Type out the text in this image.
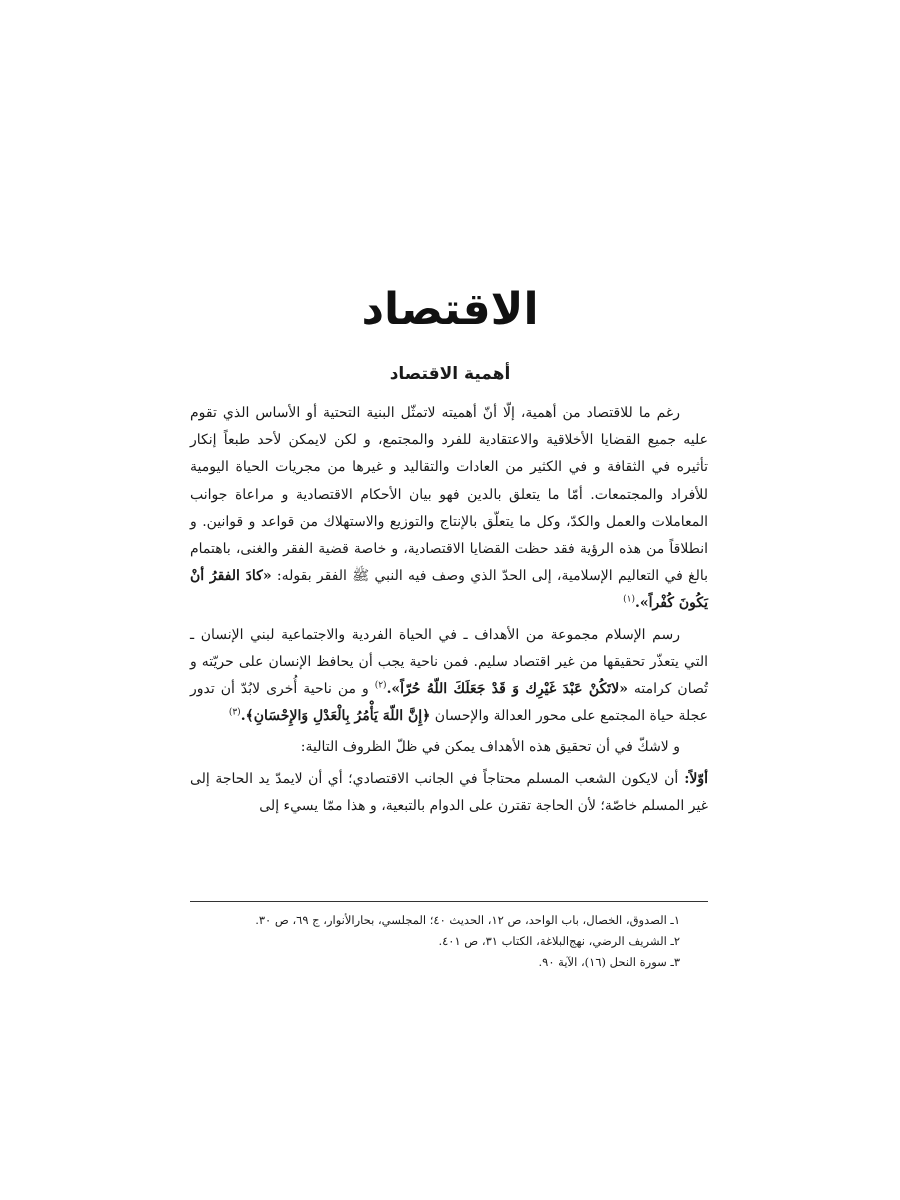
الاقتصاد
أهمية الاقتصاد

رغم ما للاقتصاد من أهمية، إلّا أنّ أهميته لاتمثّل البنية التحتية أو الأساس الذي تقوم عليه جميع القضايا الأخلاقية والاعتقادية للفرد والمجتمع، و لكن لايمكن لأحد طبعاً إنكار تأثيره في الثقافة و في الكثير من العادات والتقاليد و غيرها من مجريات الحياة اليومية للأفراد والمجتمعات. أمّا ما يتعلق بالدين فهو بيان الأحكام الاقتصادية و مراعاة جوانب المعاملات والعمل والكدّ، وكل ما يتعلّق بالإنتاج والتوزيع والاستهلاك من قواعد و قوانين. و انطلاقاً من هذه الرؤية فقد حظت القضايا الاقتصادية، و خاصة قضية الفقر والغنى، باهتمام بالغ في التعاليم الإسلامية، إلى الحدّ الذي وصف فيه النبي ﷺ الفقر بقوله: «كادَ الفقرُ أنْ يَكُونَ كُفْراً».$^{(١)}$

رسم الإسلام مجموعة من الأهداف ـ في الحياة الفردية والاجتماعية لبني الإنسان ـ التي يتعذّر تحقيقها من غير اقتصاد سليم. فمن ناحية يجب أن يحافظ الإنسان على حريّته و تُصان كرامته «لاتَكُنْ عَبْدَ غَيْرِك وَ قَدْ جَعَلَكَ اللّهُ حُرّاً».$^{(٢)}$ و من ناحية أُخرى لابُدّ أن تدور عجلة حياة المجتمع على محور العدالة والإحسان ﴿إِنَّ اللّهَ يَأْمُرُ بِالْعَدْلِ وَالإِحْسَانِ﴾.$^{(٣)}$

و لاشكّ في أن تحقيق هذه الأهداف يمكن في ظلّ الظروف التالية:

أوّلاً: أن لايكون الشعب المسلم محتاجاً في الجانب الاقتصادي؛ أي أن لايمدّ يد الحاجة إلى غير المسلم خاصّة؛ لأن الحاجة تقترن على الدوام بالتبعية، و هذا ممّا يسيء إلى

١ـ الصدوق، الخصال، باب الواحد، ص ١٢، الحديث ٤٠؛ المجلسي، بحارالأنوار، ج ٦٩، ص ٣٠.
٢ـ الشريف الرضي، نهج‌البلاغة، الكتاب ٣١، ص ٤٠١.
٣ـ سورة النحل (١٦)، الآية ٩٠.
